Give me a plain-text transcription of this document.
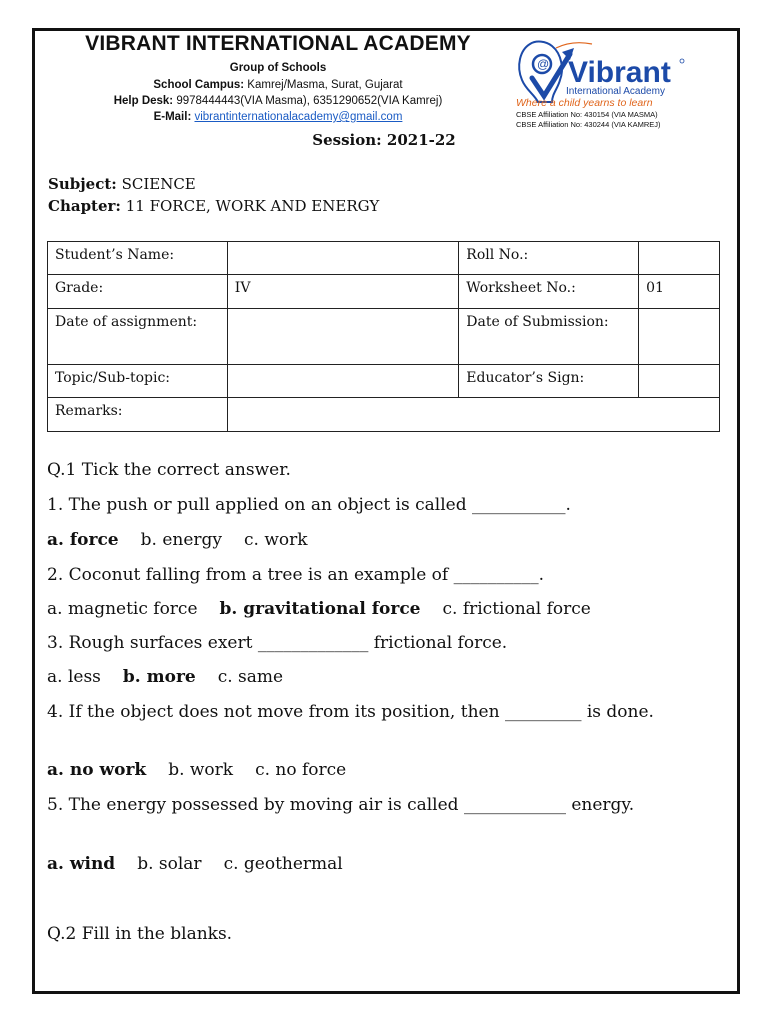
VIBRANT INTERNATIONAL ACADEMY
Group of Schools
School Campus: Kamrej/Masma, Surat, Gujarat
Help Desk: 9978444443(VIA Masma), 6351290652(VIA Kamrej)
E-Mail: vibrantinternationalacademy@gmail.com
@ Vibrant
International Academy
Where a child yearns to learn
CBSE Affiliation No: 430154 (VIA MASMA)
CBSE Affiliation No: 430244 (VIA KAMREJ)
Session: 2021-22
Subject: SCIENCE
Chapter: 11 FORCE, WORK AND ENERGY
Student’s Name:		Roll No.:	
Grade:	IV	Worksheet No.:	01
Date of assignment:		Date of Submission:	
Topic/Sub-topic:		Educator’s Sign:	
Remarks:			
Q.1 Tick the correct answer.
1. The push or pull applied on an object is called ___________.
a. force b. energy c. work
2. Coconut falling from a tree is an example of __________.
a. magnetic force b. gravitational force c. frictional force
3. Rough surfaces exert _____________ frictional force.
a. less b. more c. same
4. If the object does not move from its position, then _________ is done.
a. no work b. work c. no force
5. The energy possessed by moving air is called ____________ energy.
a. wind b. solar c. geothermal
Q.2 Fill in the blanks.
